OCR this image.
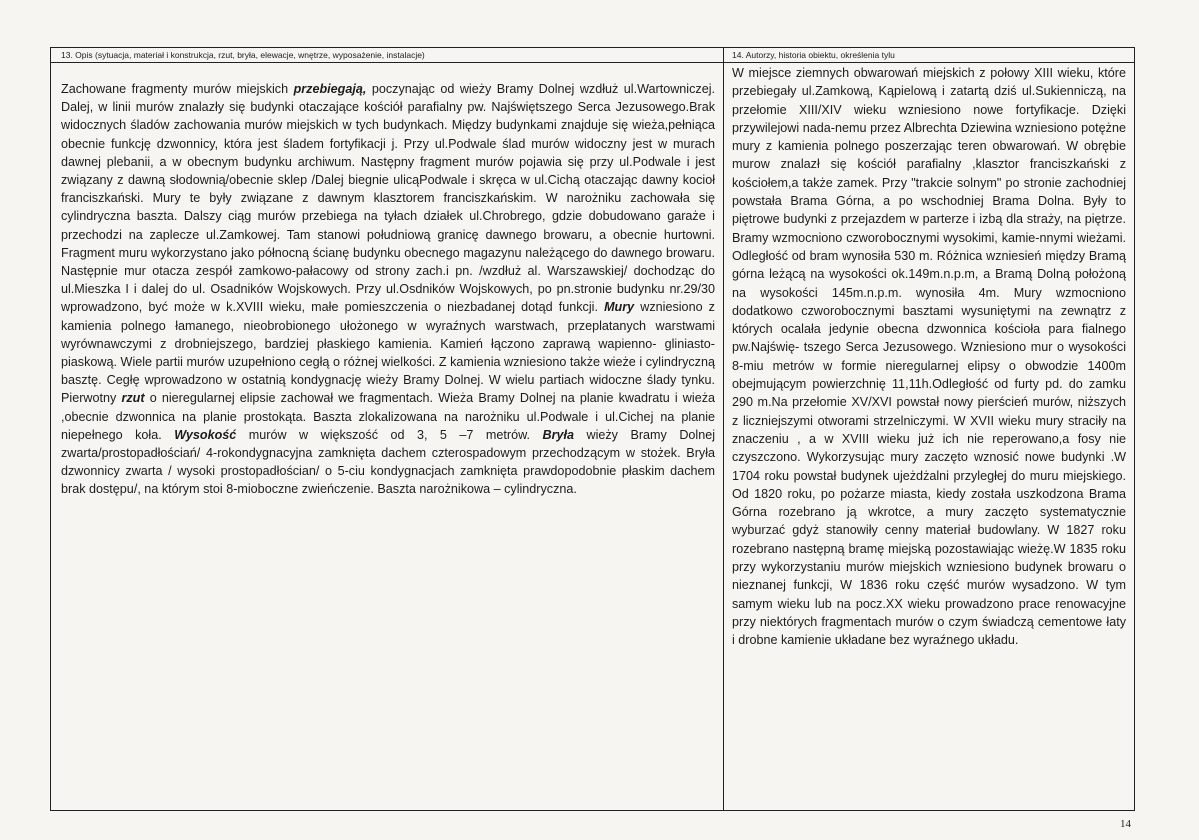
13. Opis (sytuacja, materiał i konstrukcja, rzut, bryła, elewacje, wnętrze, wyposażenie, instalacje)

Zachowane fragmenty murów miejskich przebiegają, poczynając od wieży Bramy Dolnej wzdłuż ul.Wartowniczej. Dalej, w linii murów znalazły się budynki otaczające kościół parafialny pw. Najświętszego Serca Jezusowego.Brak widocznych śladów zachowania murów miejskich w tych budynkach. Między budynkami znajduje się wieża,pełniąca obecnie funkcję dzwonnicy, która jest śladem fortyfikacji j. Przy ul.Podwale ślad murów widoczny jest w murach dawnej plebanii, a w obecnym budynku archiwum. Następny fragment murów pojawia się przy ul.Podwale i jest związany z dawną słodownią/obecnie sklep /Dalej biegnie ulicąPodwale i skręca w ul.Cichą otaczając dawny kocioł franciszkański. Mury te były związane z dawnym klasztorem franciszkańskim. W narożniku zachowała się cylindryczna baszta. Dalszy ciąg murów przebiega na tyłach działek ul.Chrobrego, gdzie dobudowano garaże i przechodzi na zaplecze ul.Zamkowej. Tam stanowi południową granicę dawnego browaru, a obecnie hurtowni. Fragment muru wykorzystano jako północną ścianę budynku obecnego magazynu należącego do dawnego browaru. Następnie mur otacza zespół zamkowo-pałacowy od strony zach.i pn. /wzdłuż al. Warszawskiej/ dochodząc do ul.Mieszka I i dalej do ul. Osadników Wojskowych. Przy ul.Osdników Wojskowych, po pn.stronie budynku nr.29/30 wprowadzono, być może w k.XVIII wieku, małe pomieszczenia o niezbadanej dotąd funkcji. Mury wzniesiono z kamienia polnego łamanego, nieobrobionego ułożonego w wyraźnych warstwach, przeplatanych warstwami wyrównawczymi z drobniejszego, bardziej płaskiego kamienia. Kamień łączono zaprawą wapienno- gliniasto-piaskową. Wiele partii murów uzupełniono cegłą o różnej wielkości. Z kamienia wzniesiono także wieże i cylindryczną basztę. Cegłę wprowadzono w ostatnią kondygnację wieży Bramy Dolnej. W wielu partiach widoczne ślady tynku. Pierwotny rzut o nieregularnej elipsie zachował we fragmentach. Wieża Bramy Dolnej na planie kwadratu i wieża ,obecnie dzwonnica na planie prostokąta. Baszta zlokalizowana na narożniku ul.Podwale i ul.Cichej na planie niepełnego koła. Wysokość murów w większość od 3, 5 –7 metrów. Bryła wieży Bramy Dolnej zwarta/prostopadłościań/ 4-rokondygnacyjna zamknięta dachem czterospadowym przechodzącym w stożek. Bryła dzwonnicy zwarta / wysoki prostopadłościan/ o 5-ciu kondygnacjach zamknięta prawdopodobnie płaskim dachem brak dostępu/, na którym stoi 8-mioboczne zwieńczenie. Baszta narożnikowa – cylindryczna.

14. Autorzy, historia obiektu, określenia tylu

W miejsce ziemnych obwarowań miejskich z połowy XIII wieku, które przebiegały ul.Zamkową, Kąpielową i zatartą dziś ul.Sukienniczą, na przełomie XIII/XIV wieku wzniesiono nowe fortyfikacje. Dzięki przywilejowi nada-nemu przez Albrechta Dziewina wzniesiono potężne mury z kamienia polnego poszerzając teren obwarowań. W obrębie murow znalazł się kościół parafialny ,klasztor franciszkański z kościołem,a także zamek. Przy "trakcie solnym" po stronie zachodniej powstała Brama Górna, a po wschodniej Brama Dolna. Były to piętrowe budynki z przejazdem w parterze i izbą dla straży, na piętrze. Bramy wzmocniono czworobocznymi wysokimi, kamie-nnymi wieżami. Odległość od bram wynosiła 530 m. Różnica wzniesień między Bramą górna leżącą na wysokości ok.149m.n.p.m, a Bramą Dolną położoną na wysokości 145m.n.p.m. wynosiła 4m. Mury wzmocniono dodatkowo czworobocznymi basztami wysuniętymi na zewnątrz z których ocalała jedynie obecna dzwonnica kościoła para fialnego pw.Najświę- tszego Serca Jezusowego. Wzniesiono mur o wysokości 8-miu metrów w formie nieregularnej elipsy o obwodzie 1400m obejmującym powierzchnię 11,11h.Odległość od furty pd. do zamku 290 m.Na przełomie XV/XVI powstał nowy pierścień murów, niższych z licznieјszymi otworami strzelniczymi. W XVII wieku mury straciły na znaczeniu , a w XVIII wieku już ich nie reperowano,a fosy nie czyszczono. Wykorzysując mury zaczęto wznosić nowe budynki .W 1704 roku powstał budynek ujeżdżalni przyległej do muru miejskiego. Od 1820 roku, po pożarze miasta, kiedy została uszkodzona Brama Górna rozebrano ją wkrotce, a mury zaczęto systematycznie wyburzać gdyż stanowiły cenny materiał budowlany. W 1827 roku rozebrano następną bramę miejską pozostawiając wieżę.W 1835 roku przy wykorzystaniu murów miejskich wzniesiono budynek browaru o nieznanej funkcji, W 1836 roku część murów wysadzono. W tym samym wieku lub na pocz.XX wieku prowadzono prace renowacyjne przy niektórych fragmentach murów o czym świadczą cementowe łaty i drobne kamienie układane bez wyraźnego układu.

14
